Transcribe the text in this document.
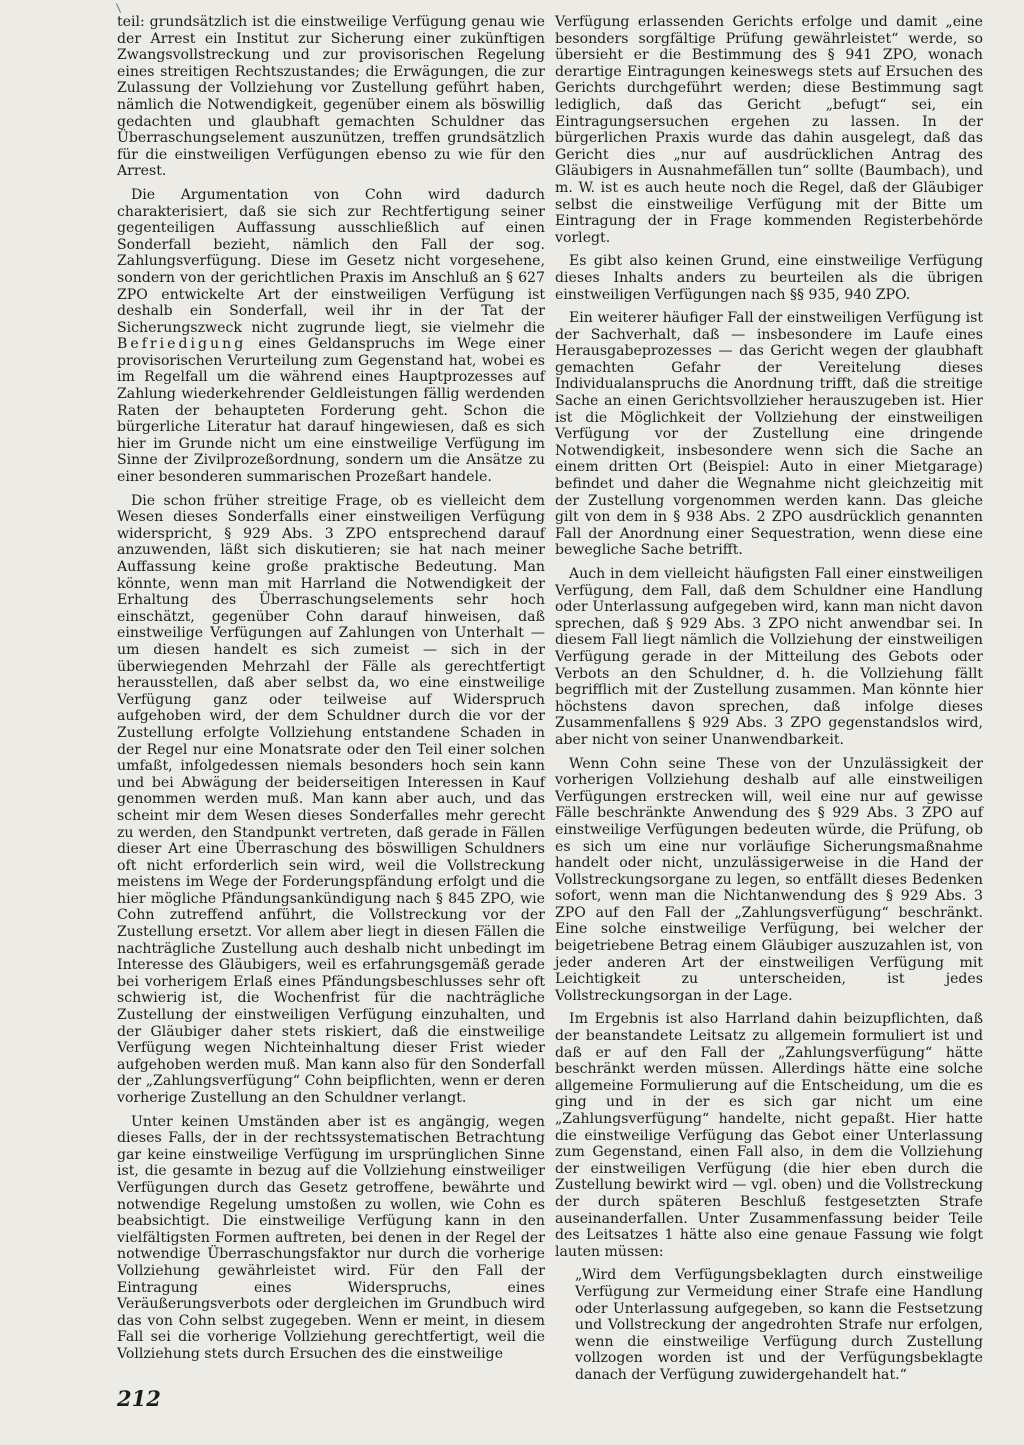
teil: grundsätzlich ist die einstweilige Verfügung genau wie der Arrest ein Institut zur Sicherung einer zukünftigen Zwangsvollstreckung und zur provisorischen Regelung eines streitigen Rechtszustandes; die Erwägungen, die zur Zulassung der Vollziehung vor Zustellung geführt haben, nämlich die Notwendigkeit, gegenüber einem als böswillig gedachten und glaubhaft gemachten Schuldner das Überraschungselement auszunützen, treffen grundsätzlich für die einstweiligen Verfügungen ebenso zu wie für den Arrest.

Die Argumentation von Cohn wird dadurch charakterisiert, daß sie sich zur Rechtfertigung seiner gegenteiligen Auffassung ausschließlich auf einen Sonderfall bezieht, nämlich den Fall der sog. Zahlungsverfügung. Diese im Gesetz nicht vorgesehene, sondern von der gerichtlichen Praxis im Anschluß an § 627 ZPO entwickelte Art der einstweiligen Verfügung ist deshalb ein Sonderfall, weil ihr in der Tat der Sicherungszweck nicht zugrunde liegt, sie vielmehr die Befriedigung eines Geldanspruchs im Wege einer provisorischen Verurteilung zum Gegenstand hat, wobei es im Regelfall um die während eines Hauptprozesses auf Zahlung wiederkehrender Geldleistungen fällig werdenden Raten der behaupteten Forderung geht. Schon die bürgerliche Literatur hat darauf hingewiesen, daß es sich hier im Grunde nicht um eine einstweilige Verfügung im Sinne der Zivilprozeßordnung, sondern um die Ansätze zu einer besonderen summarischen Prozeßart handele.

Die schon früher streitige Frage, ob es vielleicht dem Wesen dieses Sonderfalls einer einstweiligen Verfügung widerspricht, § 929 Abs. 3 ZPO entsprechend darauf anzuwenden, läßt sich diskutieren; sie hat nach meiner Auffassung keine große praktische Bedeutung. Man könnte, wenn man mit Harrland die Notwendigkeit der Erhaltung des Überraschungselements sehr hoch einschätzt, gegenüber Cohn darauf hinweisen, daß einstweilige Verfügungen auf Zahlungen von Unterhalt — um diesen handelt es sich zumeist — sich in der überwiegenden Mehrzahl der Fälle als gerechtfertigt herausstellen, daß aber selbst da, wo eine einstweilige Verfügung ganz oder teilweise auf Widerspruch aufgehoben wird, der dem Schuldner durch die vor der Zustellung erfolgte Vollziehung entstandene Schaden in der Regel nur eine Monatsrate oder den Teil einer solchen umfaßt, infolgedessen niemals besonders hoch sein kann und bei Abwägung der beiderseitigen Interessen in Kauf genommen werden muß. Man kann aber auch, und das scheint mir dem Wesen dieses Sonderfalles mehr gerecht zu werden, den Standpunkt vertreten, daß gerade in Fällen dieser Art eine Überraschung des böswilligen Schuldners oft nicht erforderlich sein wird, weil die Vollstreckung meistens im Wege der Forderungspfändung erfolgt und die hier mögliche Pfändungsankündigung nach § 845 ZPO, wie Cohn zutreffend anführt, die Vollstreckung vor der Zustellung ersetzt. Vor allem aber liegt in diesen Fällen die nachträgliche Zustellung auch deshalb nicht unbedingt im Interesse des Gläubigers, weil es erfahrungsgemäß gerade bei vorherigem Erlaß eines Pfändungsbeschlusses sehr oft schwierig ist, die Wochenfrist für die nachträgliche Zustellung der einstweiligen Verfügung einzuhalten, und der Gläubiger daher stets riskiert, daß die einstweilige Verfügung wegen Nichteinhaltung dieser Frist wieder aufgehoben werden muß. Man kann also für den Sonderfall der „Zahlungsverfügung“ Cohn beipflichten, wenn er deren vorherige Zustellung an den Schuldner verlangt.

Unter keinen Umständen aber ist es angängig, wegen dieses Falls, der in der rechtssystematischen Betrachtung gar keine einstweilige Verfügung im ursprünglichen Sinne ist, die gesamte in bezug auf die Vollziehung einstweiliger Verfügungen durch das Gesetz getroffene, bewährte und notwendige Regelung umstoßen zu wollen, wie Cohn es beabsichtigt. Die einstweilige Verfügung kann in den vielfältigsten Formen auftreten, bei denen in der Regel der notwendige Überraschungsfaktor nur durch die vorherige Vollziehung gewährleistet wird. Für den Fall der Eintragung eines Widerspruchs, eines Veräußerungsverbots oder dergleichen im Grundbuch wird das von Cohn selbst zugegeben. Wenn er meint, in diesem Fall sei die vorherige Vollziehung gerechtfertigt, weil die Vollziehung stets durch Ersuchen des die einstweilige

Verfügung erlassenden Gerichts erfolge und damit „eine besonders sorgfältige Prüfung gewährleistet“ werde, so übersieht er die Bestimmung des § 941 ZPO, wonach derartige Eintragungen keineswegs stets auf Ersuchen des Gerichts durchgeführt werden; diese Bestimmung sagt lediglich, daß das Gericht „befugt“ sei, ein Eintragungsersuchen ergehen zu lassen. In der bürgerlichen Praxis wurde das dahin ausgelegt, daß das Gericht dies „nur auf ausdrücklichen Antrag des Gläubigers in Ausnahmefällen tun“ sollte (Baumbach), und m. W. ist es auch heute noch die Regel, daß der Gläubiger selbst die einstweilige Verfügung mit der Bitte um Eintragung der in Frage kommenden Registerbehörde vorlegt.

Es gibt also keinen Grund, eine einstweilige Verfügung dieses Inhalts anders zu beurteilen als die übrigen einstweiligen Verfügungen nach §§ 935, 940 ZPO.

Ein weiterer häufiger Fall der einstweiligen Verfügung ist der Sachverhalt, daß — insbesondere im Laufe eines Herausgabeprozesses — das Gericht wegen der glaubhaft gemachten Gefahr der Vereitelung dieses Individualanspruchs die Anordnung trifft, daß die streitige Sache an einen Gerichtsvollzieher herauszugeben ist. Hier ist die Möglichkeit der Vollziehung der einstweiligen Verfügung vor der Zustellung eine dringende Notwendigkeit, insbesondere wenn sich die Sache an einem dritten Ort (Beispiel: Auto in einer Mietgarage) befindet und daher die Wegnahme nicht gleichzeitig mit der Zustellung vorgenommen werden kann. Das gleiche gilt von dem in § 938 Abs. 2 ZPO ausdrücklich genannten Fall der Anordnung einer Sequestration, wenn diese eine bewegliche Sache betrifft.

Auch in dem vielleicht häufigsten Fall einer einstweiligen Verfügung, dem Fall, daß dem Schuldner eine Handlung oder Unterlassung aufgegeben wird, kann man nicht davon sprechen, daß § 929 Abs. 3 ZPO nicht anwendbar sei. In diesem Fall liegt nämlich die Vollziehung der einstweiligen Verfügung gerade in der Mitteilung des Gebots oder Verbots an den Schuldner, d. h. die Vollziehung fällt begrifflich mit der Zustellung zusammen. Man könnte hier höchstens davon sprechen, daß infolge dieses Zusammenfallens § 929 Abs. 3 ZPO gegenstandslos wird, aber nicht von seiner Unanwendbarkeit.

Wenn Cohn seine These von der Unzulässigkeit der vorherigen Vollziehung deshalb auf alle einstweiligen Verfügungen erstrecken will, weil eine nur auf gewisse Fälle beschränkte Anwendung des § 929 Abs. 3 ZPO auf einstweilige Verfügungen bedeuten würde, die Prüfung, ob es sich um eine nur vorläufige Sicherungsmaßnahme handelt oder nicht, unzulässigerweise in die Hand der Vollstreckungsorgane zu legen, so entfällt dieses Bedenken sofort, wenn man die Nichtanwendung des § 929 Abs. 3 ZPO auf den Fall der „Zahlungsverfügung“ beschränkt. Eine solche einstweilige Verfügung, bei welcher der beigetriebene Betrag einem Gläubiger auszuzahlen ist, von jeder anderen Art der einstweiligen Verfügung mit Leichtigkeit zu unterscheiden, ist jedes Vollstreckungsorgan in der Lage.

Im Ergebnis ist also Harrland dahin beizupflichten, daß der beanstandete Leitsatz zu allgemein formuliert ist und daß er auf den Fall der „Zahlungsverfügung“ hätte beschränkt werden müssen. Allerdings hätte eine solche allgemeine Formulierung auf die Entscheidung, um die es ging und in der es sich gar nicht um eine „Zahlungsverfügung“ handelte, nicht gepaßt. Hier hatte die einstweilige Verfügung das Gebot einer Unterlassung zum Gegenstand, einen Fall also, in dem die Vollziehung der einstweiligen Verfügung (die hier eben durch die Zustellung bewirkt wird — vgl. oben) und die Vollstreckung der durch späteren Beschluß festgesetzten Strafe auseinanderfallen. Unter Zusammenfassung beider Teile des Leitsatzes 1 hätte also eine genaue Fassung wie folgt lauten müssen:

„Wird dem Verfügungsbeklagten durch einstweilige Verfügung zur Vermeidung einer Strafe eine Handlung oder Unterlassung aufgegeben, so kann die Festsetzung und Vollstreckung der angedrohten Strafe nur erfolgen, wenn die einstweilige Verfügung durch Zustellung vollzogen worden ist und der Verfügungsbeklagte danach der Verfügung zuwidergehandelt hat.“

212
